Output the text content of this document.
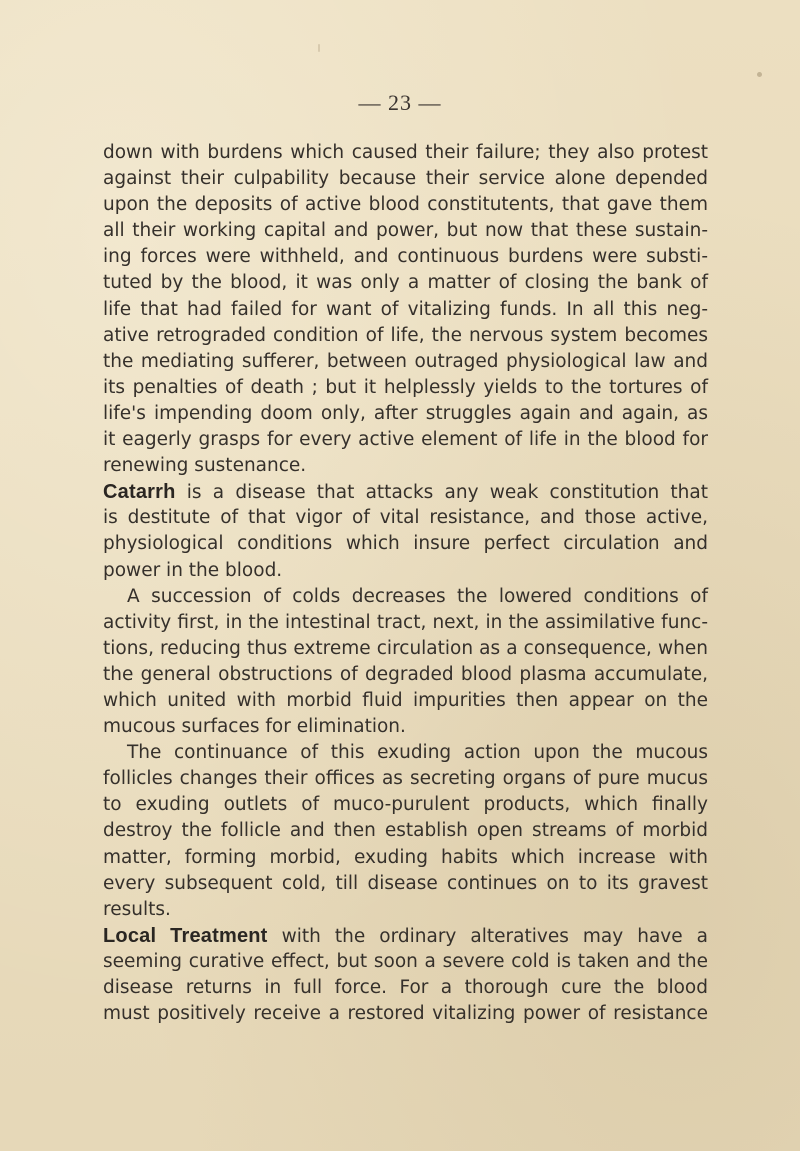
— 23 —
down with burdens which caused their failure; they also protest
against their culpability because their service alone depended
upon the deposits of active blood constitutents, that gave them
all their working capital and power, but now that these sustain-
ing forces were withheld, and continuous burdens were substi-
tuted by the blood, it was only a matter of closing the bank of
life that had failed for want of vitalizing funds. In all this neg-
ative retrograded condition of life, the nervous system becomes
the mediating sufferer, between outraged physiological law and
its penalties of death ; but it helplessly yields to the tortures of
life's impending doom only, after struggles again and again, as
it eagerly grasps for every active element of life in the blood for
renewing sustenance.
Catarrh is a disease that attacks any weak constitution that
is destitute of that vigor of vital resistance, and those active,
physiological conditions which insure perfect circulation and
power in the blood.
A succession of colds decreases the lowered conditions of
activity first, in the intestinal tract, next, in the assimilative func-
tions, reducing thus extreme circulation as a consequence, when
the general obstructions of degraded blood plasma accumulate,
which united with morbid fluid impurities then appear on the
mucous surfaces for elimination.
The continuance of this exuding action upon the mucous
follicles changes their offices as secreting organs of pure mucus
to exuding outlets of muco-purulent products, which finally
destroy the follicle and then establish open streams of morbid
matter, forming morbid, exuding habits which increase with
every subsequent cold, till disease continues on to its gravest
results.
Local Treatment with the ordinary alteratives may have a
seeming curative effect, but soon a severe cold is taken and the
disease returns in full force. For a thorough cure the blood
must positively receive a restored vitalizing power of resistance
